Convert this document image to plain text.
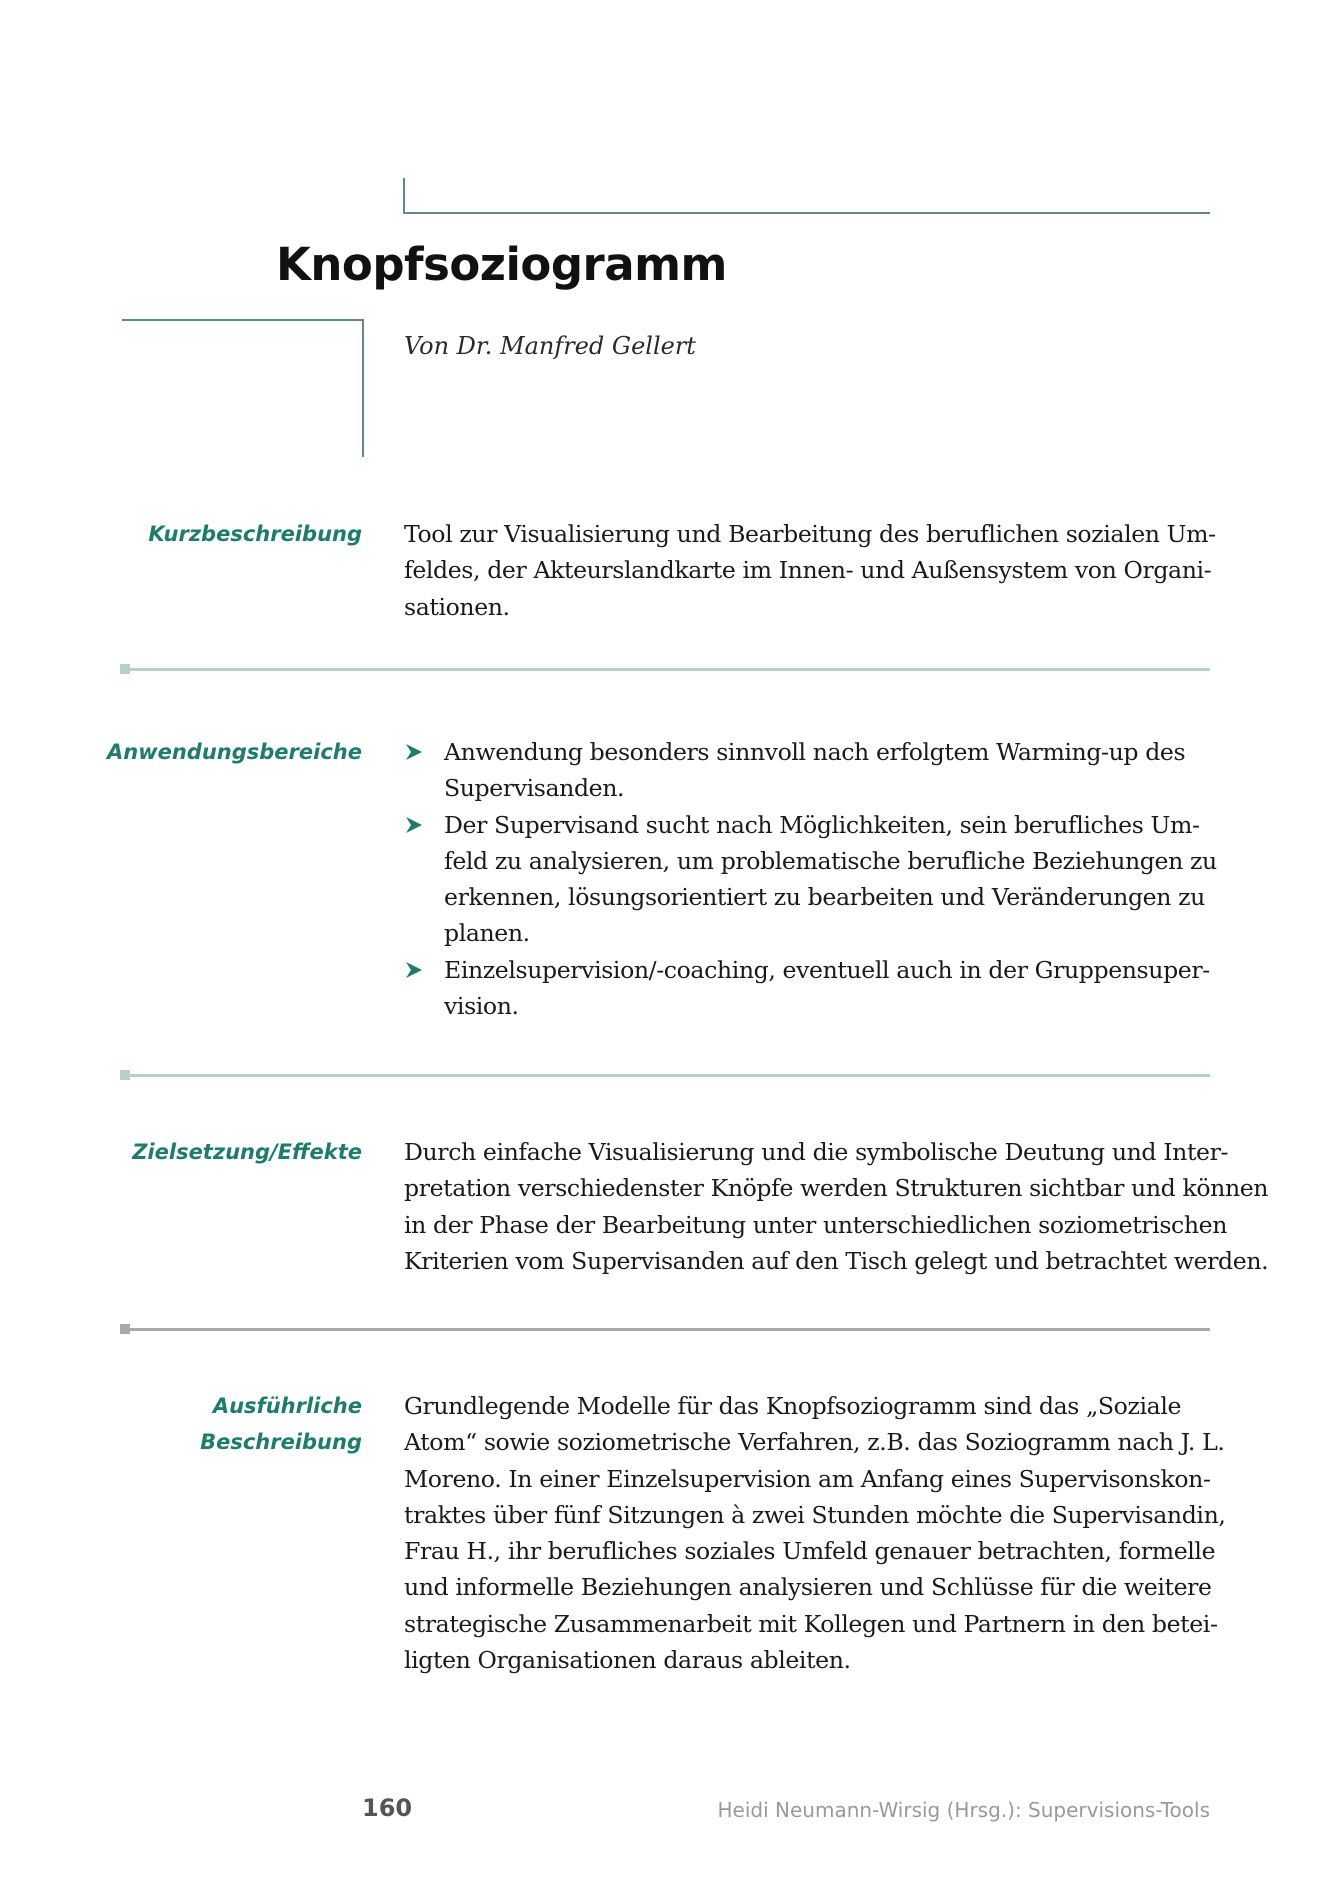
Knopfsoziogramm
Von Dr. Manfred Gellert
Kurzbeschreibung Tool zur Visualisierung und Bearbeitung des beruflichen sozialen Um-
feldes, der Akteurslandkarte im Innen- und Außensystem von Organi-
sationen.
Anwendungsbereiche	Anwendung besonders sinnvoll nach erfolgtem Warming-up des
Supervisanden.
Der Supervisand sucht nach Möglichkeiten, sein berufliches Um-
feld zu analysieren, um problematische berufliche Beziehungen zu
erkennen, lösungsorientiert zu bearbeiten und Veränderungen zu
planen.
Einzelsupervision/-coaching, eventuell auch in der Gruppensuper-
vision.
Zielsetzung/Effekte Durch einfache Visualisierung und die symbolische Deutung und Inter-
pretation verschiedenster Knöpfe werden Strukturen sichtbar und können
in der Phase der Bearbeitung unter unterschiedlichen soziometrischen
Kriterien vom Supervisanden auf den Tisch gelegt und betrachtet werden.
Ausführliche
Beschreibung
Grundlegende Modelle für das Knopfsoziogramm sind das „Soziale
Atom“ sowie soziometrische Verfahren, z.B. das Soziogramm nach J. L.
Moreno. In einer Einzelsupervision am Anfang eines Supervisonskon-
traktes über fünf Sitzungen à zwei Stunden möchte die Supervisandin,
Frau H., ihr berufliches soziales Umfeld genauer betrachten, formelle
und informelle Beziehungen analysieren und Schlüsse für die weitere
strategische Zusammenarbeit mit Kollegen und Partnern in den betei-
ligten Organisationen daraus ableiten.
160	Heidi Neumann-Wirsig (Hrsg.): Supervisions-Tools
